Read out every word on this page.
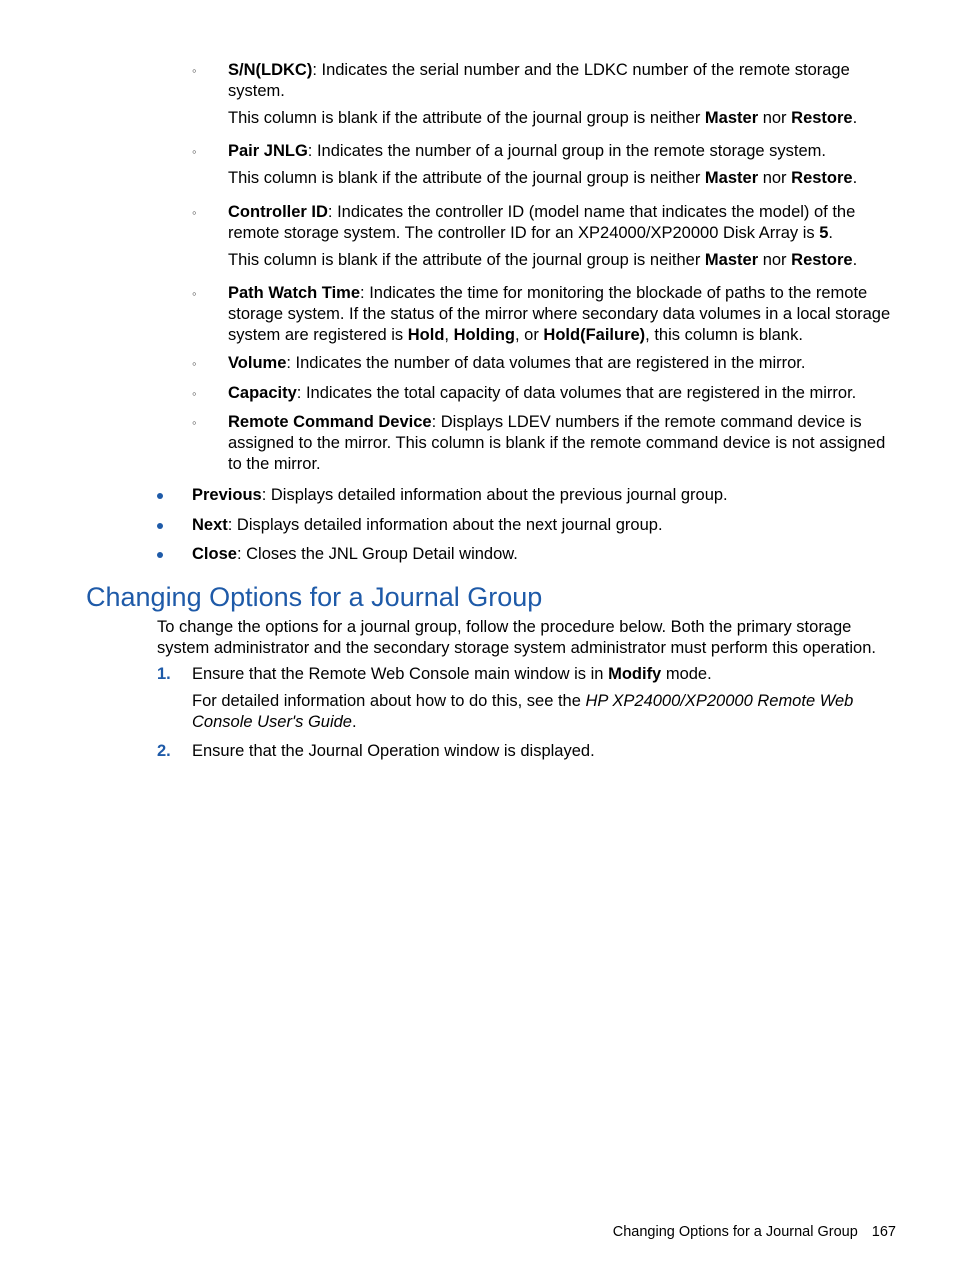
◦	S/N(LDKC): Indicates the serial number and the LDKC number of the remote storage system.

This column is blank if the attribute of the journal group is neither Master nor Restore.

◦	Pair JNLG: Indicates the number of a journal group in the remote storage system.

This column is blank if the attribute of the journal group is neither Master nor Restore.

◦	Controller ID: Indicates the controller ID (model name that indicates the model) of the remote storage system. The controller ID for an XP24000/XP20000 Disk Array is 5.

This column is blank if the attribute of the journal group is neither Master nor Restore.

◦	Path Watch Time: Indicates the time for monitoring the blockade of paths to the remote storage system. If the status of the mirror where secondary data volumes in a local storage system are registered is Hold, Holding, or Hold(Failure), this column is blank.

◦	Volume: Indicates the number of data volumes that are registered in the mirror.

◦	Capacity: Indicates the total capacity of data volumes that are registered in the mirror.

◦	Remote Command Device: Displays LDEV numbers if the remote command device is assigned to the mirror. This column is blank if the remote command device is not assigned to the mirror.

Previous: Displays detailed information about the previous journal group.
Next: Displays detailed information about the next journal group.
Close: Closes the JNL Group Detail window.
Changing Options for a Journal Group

To change the options for a journal group, follow the procedure below. Both the primary storage system administrator and the secondary storage system administrator must perform this operation.

1. Ensure that the Remote Web Console main window is in Modify mode.

For detailed information about how to do this, see the HP XP24000/XP20000 Remote Web Console User's Guide.

2. Ensure that the Journal Operation window is displayed.

Changing Options for a Journal Group 167
